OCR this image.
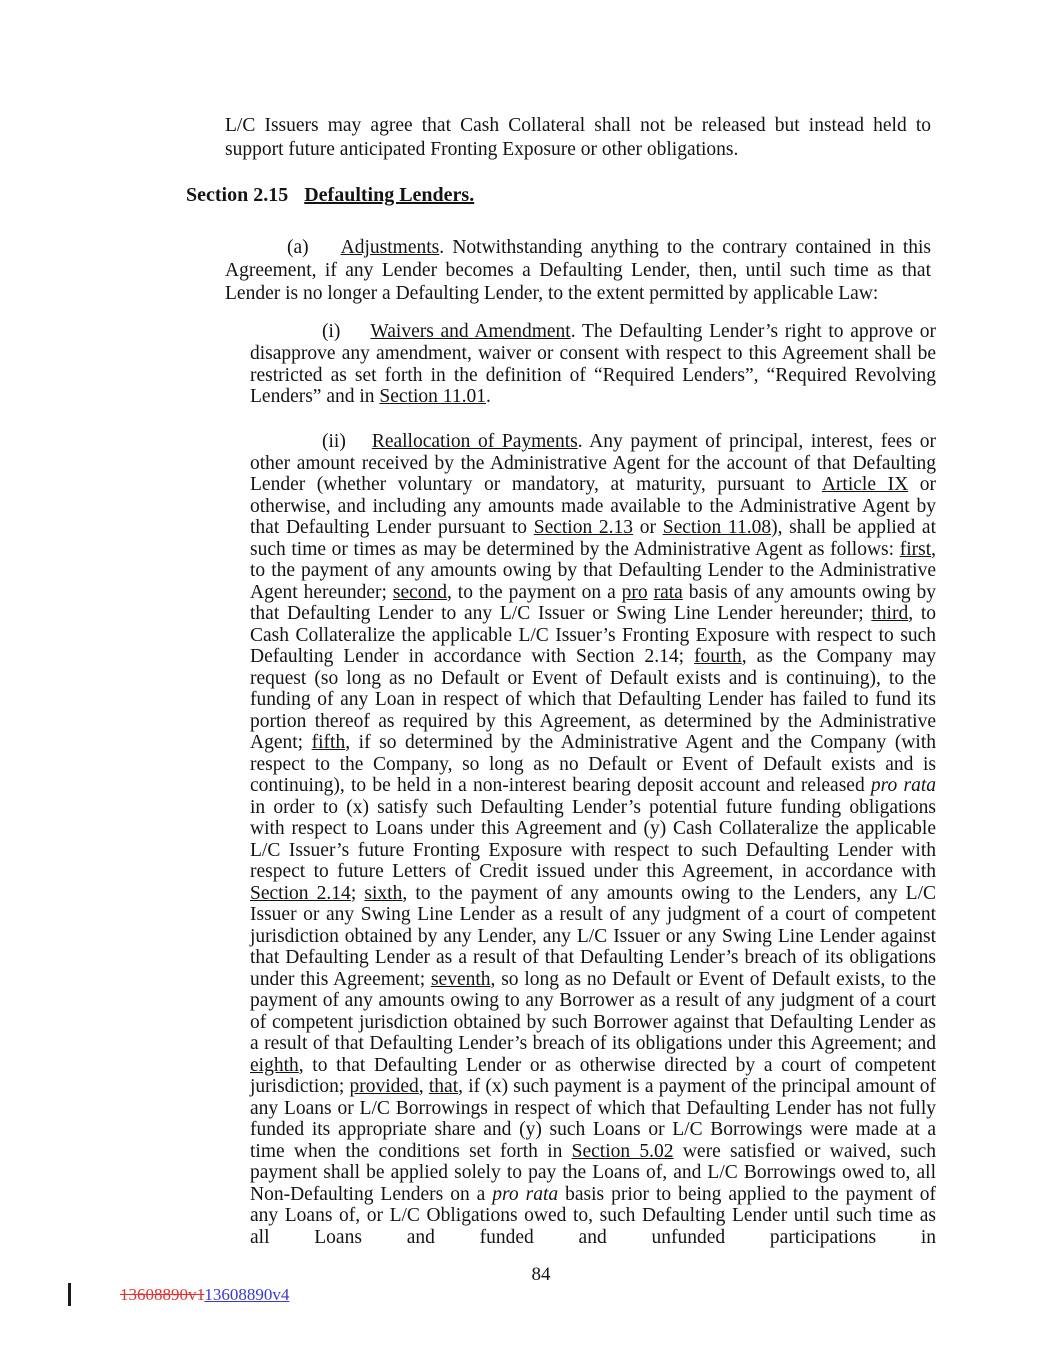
L/C Issuers may agree that Cash Collateral shall not be released but instead held to support future anticipated Fronting Exposure or other obligations.
Section 2.15 Defaulting Lenders.
(a) Adjustments. Notwithstanding anything to the contrary contained in this Agreement, if any Lender becomes a Defaulting Lender, then, until such time as that Lender is no longer a Defaulting Lender, to the extent permitted by applicable Law:
(i) Waivers and Amendment. The Defaulting Lender’s right to approve or disapprove any amendment, waiver or consent with respect to this Agreement shall be restricted as set forth in the definition of “Required Lenders”, “Required Revolving Lenders” and in Section 11.01.
(ii) Reallocation of Payments. Any payment of principal, interest, fees or other amount received by the Administrative Agent for the account of that Defaulting Lender (whether voluntary or mandatory, at maturity, pursuant to Article IX or otherwise, and including any amounts made available to the Administrative Agent by that Defaulting Lender pursuant to Section 2.13 or Section 11.08), shall be applied at such time or times as may be determined by the Administrative Agent as follows: first, to the payment of any amounts owing by that Defaulting Lender to the Administrative Agent hereunder; second, to the payment on a pro rata basis of any amounts owing by that Defaulting Lender to any L/C Issuer or Swing Line Lender hereunder; third, to Cash Collateralize the applicable L/C Issuer’s Fronting Exposure with respect to such Defaulting Lender in accordance with Section 2.14; fourth, as the Company may request (so long as no Default or Event of Default exists and is continuing), to the funding of any Loan in respect of which that Defaulting Lender has failed to fund its portion thereof as required by this Agreement, as determined by the Administrative Agent; fifth, if so determined by the Administrative Agent and the Company (with respect to the Company, so long as no Default or Event of Default exists and is continuing), to be held in a non-interest bearing deposit account and released pro rata in order to (x) satisfy such Defaulting Lender’s potential future funding obligations with respect to Loans under this Agreement and (y) Cash Collateralize the applicable L/C Issuer’s future Fronting Exposure with respect to such Defaulting Lender with respect to future Letters of Credit issued under this Agreement, in accordance with Section 2.14; sixth, to the payment of any amounts owing to the Lenders, any L/C Issuer or any Swing Line Lender as a result of any judgment of a court of competent jurisdiction obtained by any Lender, any L/C Issuer or any Swing Line Lender against that Defaulting Lender as a result of that Defaulting Lender’s breach of its obligations under this Agreement; seventh, so long as no Default or Event of Default exists, to the payment of any amounts owing to any Borrower as a result of any judgment of a court of competent jurisdiction obtained by such Borrower against that Defaulting Lender as a result of that Defaulting Lender’s breach of its obligations under this Agreement; and eighth, to that Defaulting Lender or as otherwise directed by a court of competent jurisdiction; provided, that, if (x) such payment is a payment of the principal amount of any Loans or L/C Borrowings in respect of which that Defaulting Lender has not fully funded its appropriate share and (y) such Loans or L/C Borrowings were made at a time when the conditions set forth in Section 5.02 were satisfied or waived, such payment shall be applied solely to pay the Loans of, and L/C Borrowings owed to, all Non-Defaulting Lenders on a pro rata basis prior to being applied to the payment of any Loans of, or L/C Obligations owed to, such Defaulting Lender until such time as all Loans and funded and unfunded participations in
84
13608890v113608890v4
